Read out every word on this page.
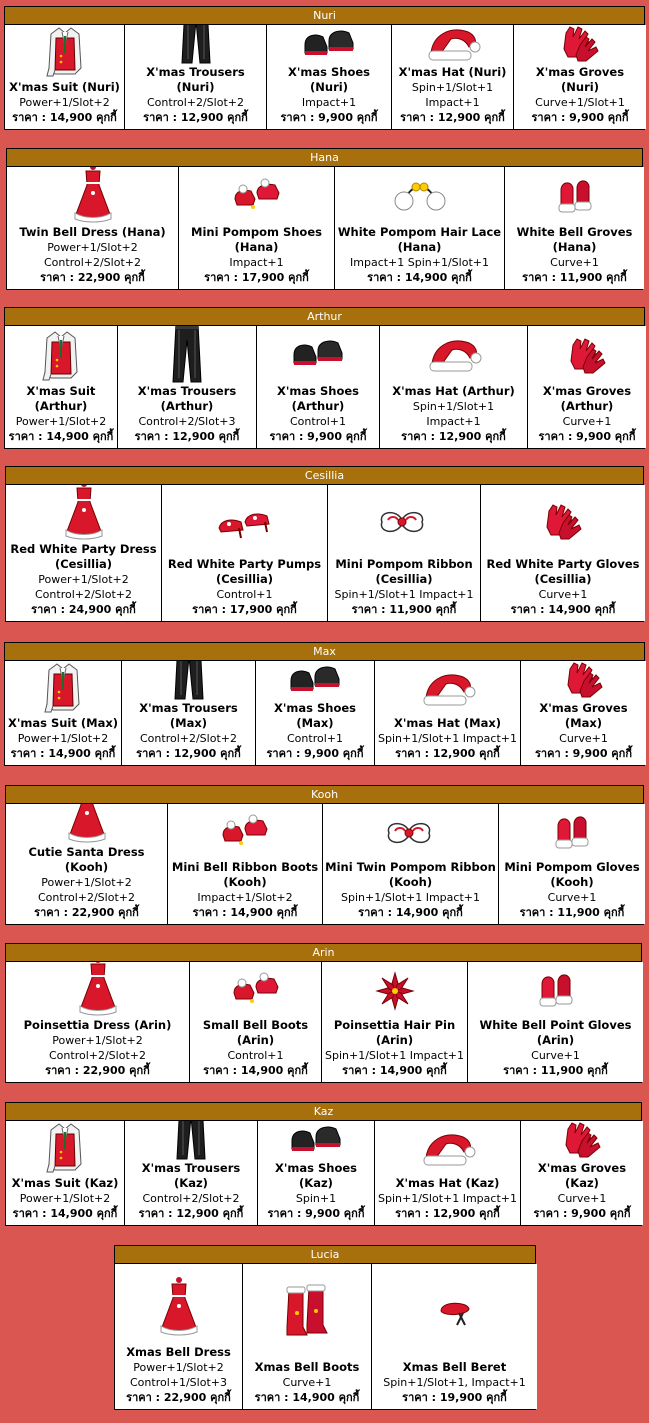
Nuri
X'mas Suit (Nuri)
Power+1/Slot+2
ราคา : 14,900 คุกกี้
X'mas Trousers (Nuri)
Control+2/Slot+2
ราคา : 12,900 คุกกี้
X'mas Shoes (Nuri)
Impact+1
ราคา : 9,900 คุกกี้
X'mas Hat (Nuri)
Spin+1/Slot+1
Impact+1
ราคา : 12,900 คุกกี้
X'mas Groves (Nuri)
Curve+1/Slot+1
ราคา : 9,900 คุกกี้
Hana
Twin Bell Dress (Hana)
Power+1/Slot+2
Control+2/Slot+2
ราคา : 22,900 คุกกี้
Mini Pompom Shoes (Hana)
Impact+1
ราคา : 17,900 คุกกี้
White Pompom Hair Lace (Hana)
Impact+1 Spin+1/Slot+1
ราคา : 14,900 คุกกี้
White Bell Groves (Hana)
Curve+1
ราคา : 11,900 คุกกี้
Arthur
X'mas Suit (Arthur)
Power+1/Slot+2
ราคา : 14,900 คุกกี้
X'mas Trousers (Arthur)
Control+2/Slot+3
ราคา : 12,900 คุกกี้
X'mas Shoes (Arthur)
Control+1
ราคา : 9,900 คุกกี้
X'mas Hat (Arthur)
Spin+1/Slot+1
Impact+1
ราคา : 12,900 คุกกี้
X'mas Groves (Arthur)
Curve+1
ราคา : 9,900 คุกกี้
Cesillia
Red White Party Dress (Cesillia)
Power+1/Slot+2
Control+2/Slot+2
ราคา : 24,900 คุกกี้
Red White Party Pumps (Cesillia)
Control+1
ราคา : 17,900 คุกกี้
Mini Pompom Ribbon (Cesillia)
Spin+1/Slot+1 Impact+1
ราคา : 11,900 คุกกี้
Red White Party Gloves (Cesillia)
Curve+1
ราคา : 14,900 คุกกี้
Max
X'mas Suit (Max)
Power+1/Slot+2
ราคา : 14,900 คุกกี้
X'mas Trousers (Max)
Control+2/Slot+2
ราคา : 12,900 คุกกี้
X'mas Shoes (Max)
Control+1
ราคา : 9,900 คุกกี้
X'mas Hat (Max)
Spin+1/Slot+1 Impact+1
ราคา : 12,900 คุกกี้
X'mas Groves (Max)
Curve+1
ราคา : 9,900 คุกกี้
Kooh
Cutie Santa Dress (Kooh)
Power+1/Slot+2
Control+2/Slot+2
ราคา : 22,900 คุกกี้
Mini Bell Ribbon Boots (Kooh)
Impact+1/Slot+2
ราคา : 14,900 คุกกี้
Mini Twin Pompom Ribbon (Kooh)
Spin+1/Slot+1 Impact+1
ราคา : 14,900 คุกกี้
Mini Pompom Gloves (Kooh)
Curve+1
ราคา : 11,900 คุกกี้
Arin
Poinsettia Dress (Arin)
Power+1/Slot+2
Control+2/Slot+2
ราคา : 22,900 คุกกี้
Small Bell Boots (Arin)
Control+1
ราคา : 14,900 คุกกี้
Poinsettia Hair Pin (Arin)
Spin+1/Slot+1 Impact+1
ราคา : 14,900 คุกกี้
White Bell Point Gloves (Arin)
Curve+1
ราคา : 11,900 คุกกี้
Kaz
X'mas Suit (Kaz)
Power+1/Slot+2
ราคา : 14,900 คุกกี้
X'mas Trousers (Kaz)
Control+2/Slot+2
ราคา : 12,900 คุกกี้
X'mas Shoes (Kaz)
Spin+1
ราคา : 9,900 คุกกี้
X'mas Hat (Kaz)
Spin+1/Slot+1 Impact+1
ราคา : 12,900 คุกกี้
X'mas Groves (Kaz)
Curve+1
ราคา : 9,900 คุกกี้
Lucia
Xmas Bell Dress
Power+1/Slot+2
Control+1/Slot+3
ราคา : 22,900 คุกกี้
Xmas Bell Boots
Curve+1
ราคา : 14,900 คุกกี้
Xmas Bell Beret
Spin+1/Slot+1, Impact+1
ราคา : 19,900 คุกกี้
